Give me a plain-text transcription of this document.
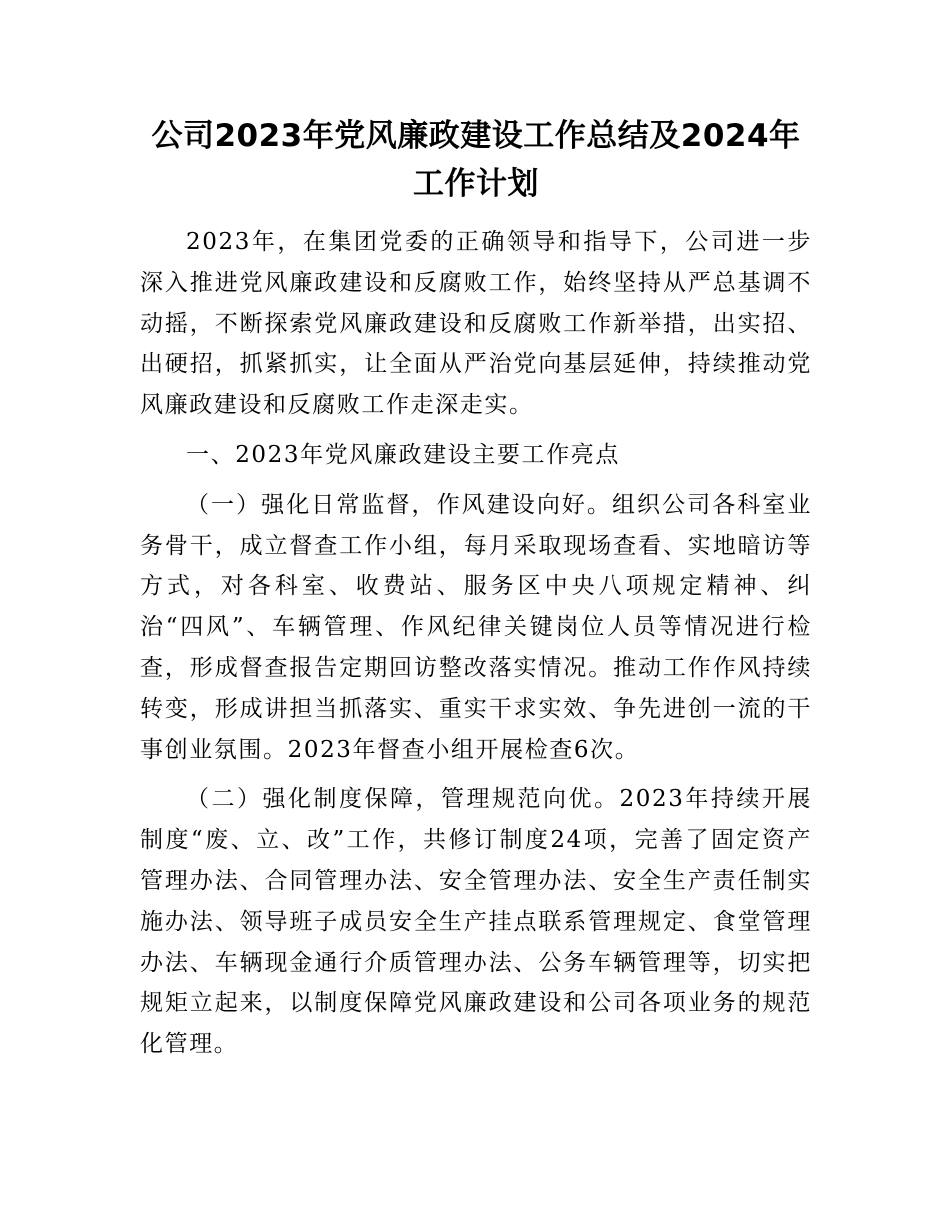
公司2023年党风廉政建设工作总结及2024年
工作计划

2023年，在集团党委的正确领导和指导下，公司进一步深入推进党风廉政建设和反腐败工作，始终坚持从严总基调不动摇，不断探索党风廉政建设和反腐败工作新举措，出实招、出硬招，抓紧抓实，让全面从严治党向基层延伸，持续推动党风廉政建设和反腐败工作走深走实。

一、2023年党风廉政建设主要工作亮点

（一）强化日常监督，作风建设向好。组织公司各科室业务骨干，成立督查工作小组，每月采取现场查看、实地暗访等方式，对各科室、收费站、服务区中央八项规定精神、纠治“四风”、车辆管理、作风纪律关键岗位人员等情况进行检查，形成督查报告定期回访整改落实情况。推动工作作风持续转变，形成讲担当抓落实、重实干求实效、争先进创一流的干事创业氛围。2023年督查小组开展检查6次。

（二）强化制度保障，管理规范向优。2023年持续开展制度“废、立、改”工作，共修订制度24项，完善了固定资产管理办法、合同管理办法、安全管理办法、安全生产责任制实施办法、领导班子成员安全生产挂点联系管理规定、食堂管理办法、车辆现金通行介质管理办法、公务车辆管理等，切实把规矩立起来，以制度保障党风廉政建设和公司各项业务的规范化管理。
